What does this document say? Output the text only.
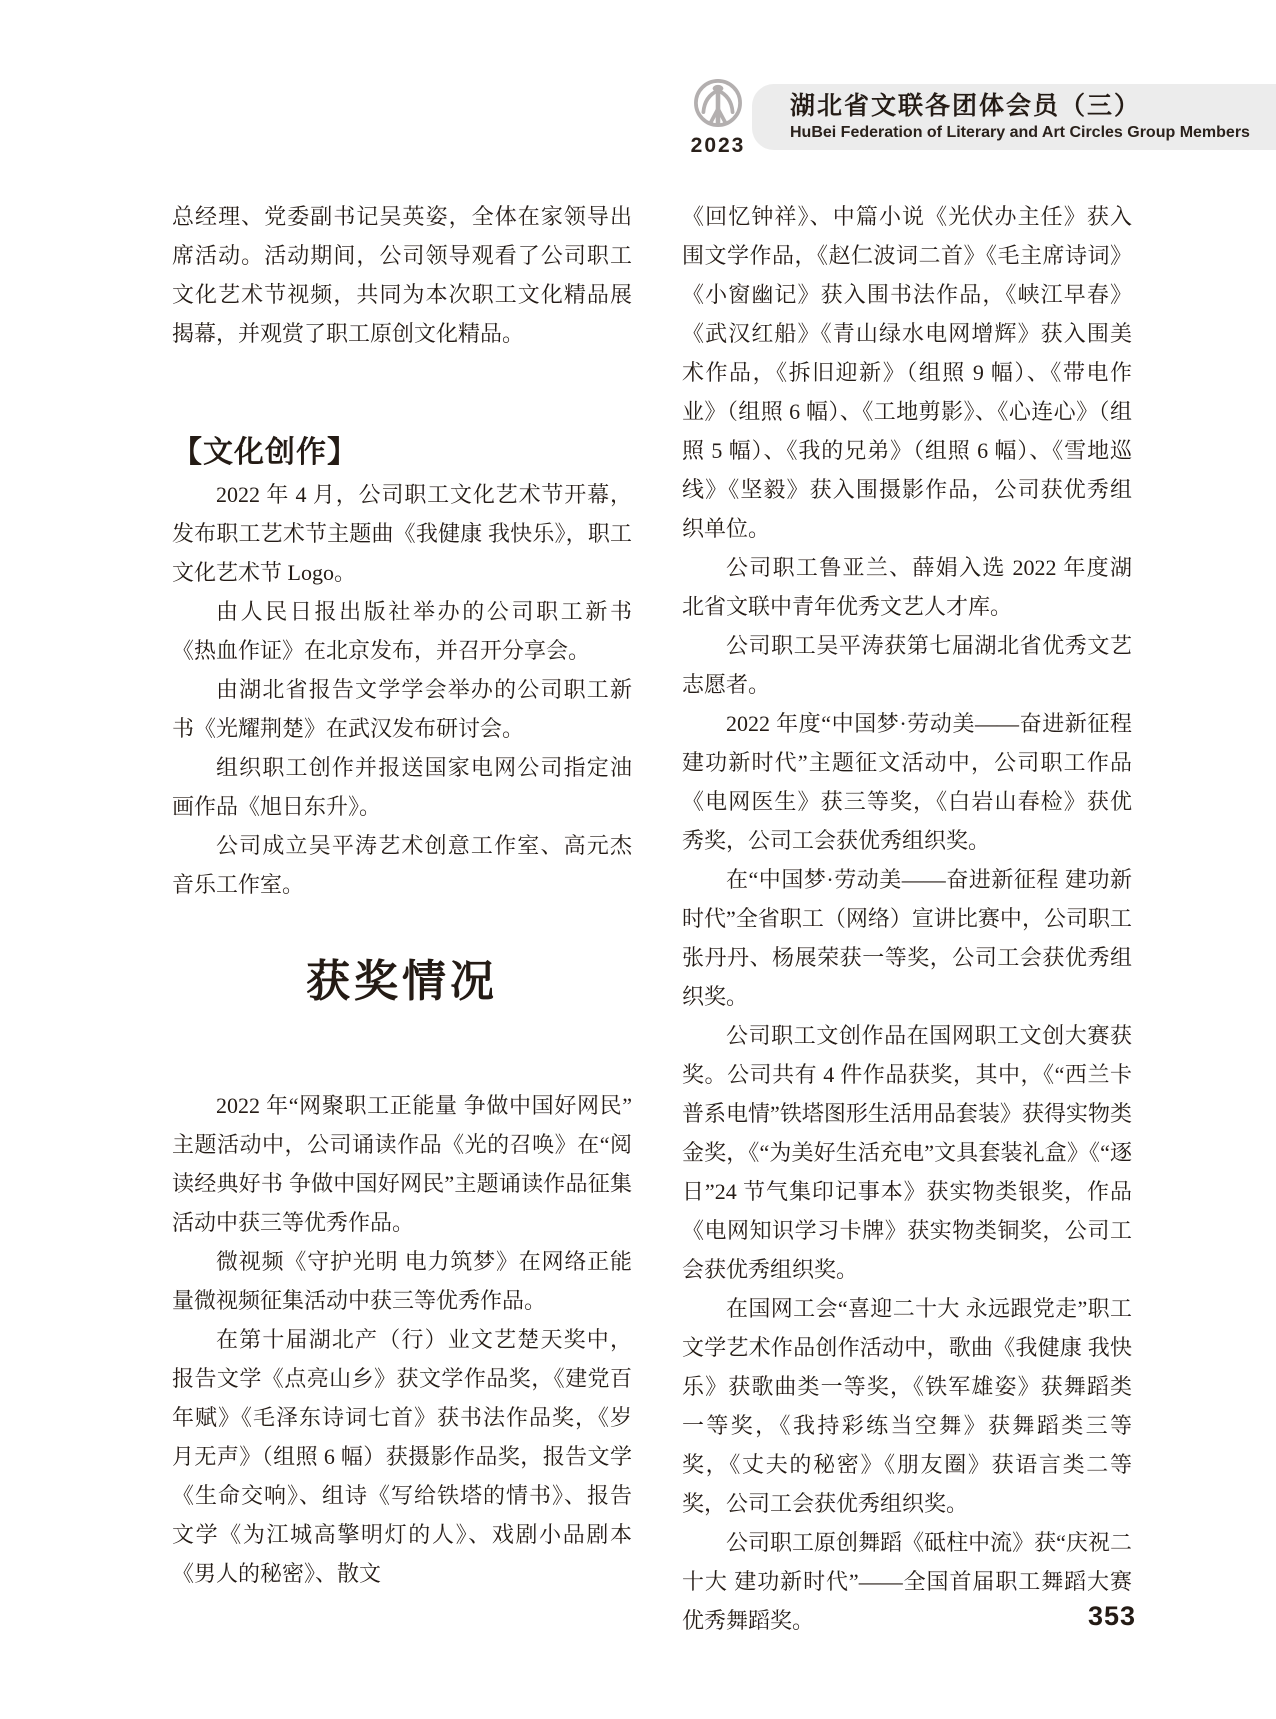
2023
湖北省文联各团体会员（三）
HuBei Federation of Literary and Art Circles Group Members

总经理、党委副书记吴英姿，全体在家领导出席活动。活动期间，公司领导观看了公司职工文化艺术节视频，共同为本次职工文化精品展揭幕，并观赏了职工原创文化精品。

【文化创作】

2022 年 4 月，公司职工文化艺术节开幕，发布职工艺术节主题曲《我健康 我快乐》，职工文化艺术节 Logo。

由人民日报出版社举办的公司职工新书《热血作证》在北京发布，并召开分享会。

由湖北省报告文学学会举办的公司职工新书《光耀荆楚》在武汉发布研讨会。

组织职工创作并报送国家电网公司指定油画作品《旭日东升》。

公司成立吴平涛艺术创意工作室、高元杰音乐工作室。

获奖情况

2022 年“网聚职工正能量 争做中国好网民”主题活动中，公司诵读作品《光的召唤》在“阅读经典好书 争做中国好网民”主题诵读作品征集活动中获三等优秀作品。

微视频《守护光明 电力筑梦》在网络正能量微视频征集活动中获三等优秀作品。

在第十届湖北产（行）业文艺楚天奖中，报告文学《点亮山乡》获文学作品奖，《建党百年赋》《毛泽东诗词七首》获书法作品奖，《岁月无声》（组照 6 幅）获摄影作品奖，报告文学《生命交响》、组诗《写给铁塔的情书》、报告文学《为江城高擎明灯的人》、戏剧小品剧本《男人的秘密》、散文

《回忆钟祥》、中篇小说《光伏办主任》获入围文学作品，《赵仁波词二首》《毛主席诗词》《小窗幽记》获入围书法作品，《峡江早春》《武汉红船》《青山绿水电网增辉》获入围美术作品，《拆旧迎新》（组照 9 幅）、《带电作业》（组照 6 幅）、《工地剪影》、《心连心》（组照 5 幅）、《我的兄弟》（组照 6 幅）、《雪地巡线》《坚毅》获入围摄影作品，公司获优秀组织单位。

公司职工鲁亚兰、薛娟入选 2022 年度湖北省文联中青年优秀文艺人才库。

公司职工吴平涛获第七届湖北省优秀文艺志愿者。

2022 年度“中国梦·劳动美——奋进新征程 建功新时代”主题征文活动中，公司职工作品《电网医生》获三等奖，《白岩山春检》获优秀奖，公司工会获优秀组织奖。

在“中国梦·劳动美——奋进新征程 建功新时代”全省职工（网络）宣讲比赛中，公司职工张丹丹、杨展荣获一等奖，公司工会获优秀组织奖。

公司职工文创作品在国网职工文创大赛获奖。公司共有 4 件作品获奖，其中，《“西兰卡普系电情”铁塔图形生活用品套装》获得实物类金奖，《“为美好生活充电”文具套装礼盒》《“逐日”24 节气集印记事本》获实物类银奖，作品《电网知识学习卡牌》获实物类铜奖，公司工会获优秀组织奖。

在国网工会“喜迎二十大 永远跟党走”职工文学艺术作品创作活动中，歌曲《我健康 我快乐》获歌曲类一等奖，《铁军雄姿》获舞蹈类一等奖，《我持彩练当空舞》获舞蹈类三等奖，《丈夫的秘密》《朋友圈》获语言类二等奖，公司工会获优秀组织奖。

公司职工原创舞蹈《砥柱中流》获“庆祝二十大 建功新时代”——全国首届职工舞蹈大赛优秀舞蹈奖。	353
